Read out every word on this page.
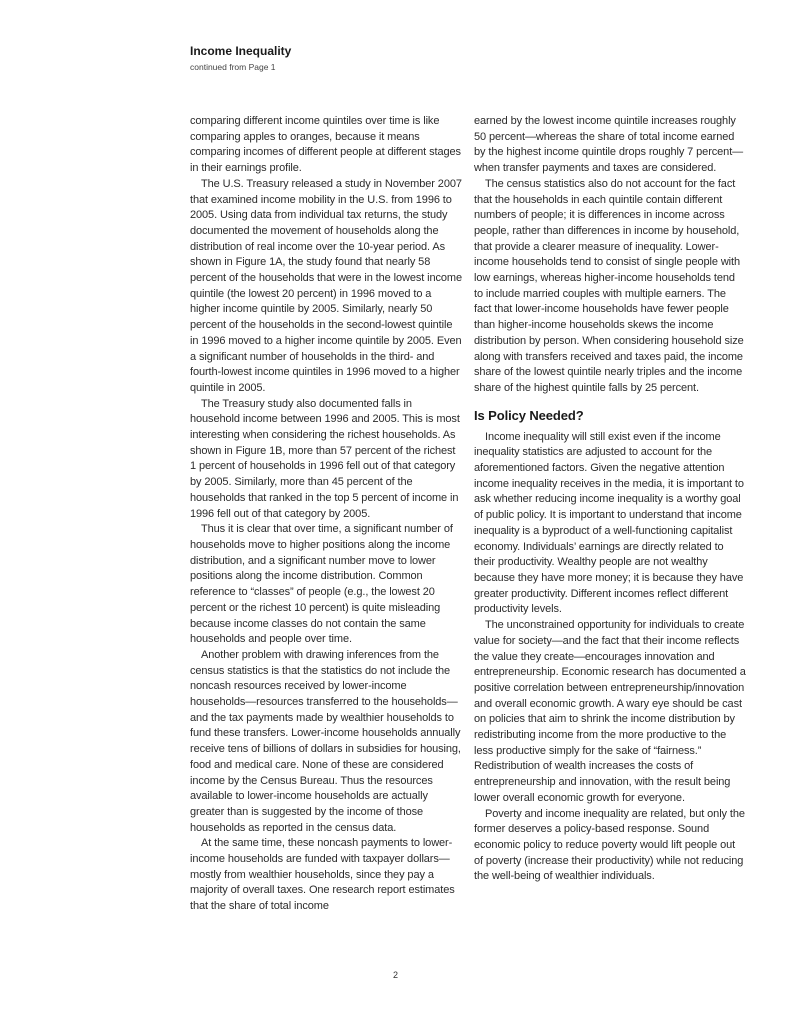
Income Inequality
continued from Page 1

comparing different income quintiles over time is like comparing apples to oranges, because it means comparing incomes of different people at different stages in their earnings profile.

The U.S. Treasury released a study in November 2007 that examined income mobility in the U.S. from 1996 to 2005. Using data from individual tax returns, the study documented the movement of households along the distribution of real income over the 10-year period. As shown in Figure 1A, the study found that nearly 58 percent of the households that were in the lowest income quintile (the lowest 20 percent) in 1996 moved to a higher income quintile by 2005. Similarly, nearly 50 percent of the households in the second-lowest quintile in 1996 moved to a higher income quintile by 2005. Even a significant number of households in the third- and fourth-lowest income quintiles in 1996 moved to a higher quintile in 2005.

The Treasury study also documented falls in household income between 1996 and 2005. This is most interesting when considering the richest households. As shown in Figure 1B, more than 57 percent of the richest 1 percent of households in 1996 fell out of that category by 2005. Similarly, more than 45 percent of the households that ranked in the top 5 percent of income in 1996 fell out of that category by 2005.

Thus it is clear that over time, a significant number of households move to higher positions along the income distribution, and a significant number move to lower positions along the income distribution. Common reference to “classes” of people (e.g., the lowest 20 percent or the richest 10 percent) is quite misleading because income classes do not contain the same households and people over time.

Another problem with drawing inferences from the census statistics is that the statistics do not include the noncash resources received by lower-income households—resources transferred to the households—and the tax payments made by wealthier households to fund these transfers. Lower-income households annually receive tens of billions of dollars in subsidies for housing, food and medical care. None of these are considered income by the Census Bureau. Thus the resources available to lower-income households are actually greater than is suggested by the income of those households as reported in the census data.

At the same time, these noncash payments to lower-income households are funded with taxpayer dollars—mostly from wealthier households, since they pay a majority of overall taxes. One research report estimates that the share of total income

earned by the lowest income quintile increases roughly 50 percent—whereas the share of total income earned by the highest income quintile drops roughly 7 percent—when transfer payments and taxes are considered.

The census statistics also do not account for the fact that the households in each quintile contain different numbers of people; it is differences in income across people, rather than differences in income by household, that provide a clearer measure of inequality. Lower-income households tend to consist of single people with low earnings, whereas higher-income households tend to include married couples with multiple earners. The fact that lower-income households have fewer people than higher-income households skews the income distribution by person. When considering household size along with transfers received and taxes paid, the income share of the lowest quintile nearly triples and the income share of the highest quintile falls by 25 percent.

Is Policy Needed?

Income inequality will still exist even if the income inequality statistics are adjusted to account for the aforementioned factors. Given the negative attention income inequality receives in the media, it is important to ask whether reducing income inequality is a worthy goal of public policy. It is important to understand that income inequality is a byproduct of a well-functioning capitalist economy. Individuals’ earnings are directly related to their productivity. Wealthy people are not wealthy because they have more money; it is because they have greater productivity. Different incomes reflect different productivity levels.

The unconstrained opportunity for individuals to create value for society—and the fact that their income reflects the value they create—encourages innovation and entrepreneurship. Economic research has documented a positive correlation between entrepreneurship/innovation and overall economic growth. A wary eye should be cast on policies that aim to shrink the income distribution by redistributing income from the more productive to the less productive simply for the sake of “fairness.” Redistribution of wealth increases the costs of entrepreneurship and innovation, with the result being lower overall economic growth for everyone.

Poverty and income inequality are related, but only the former deserves a policy-based response. Sound economic policy to reduce poverty would lift people out of poverty (increase their productivity) while not reducing the well-being of wealthier individuals.

2
